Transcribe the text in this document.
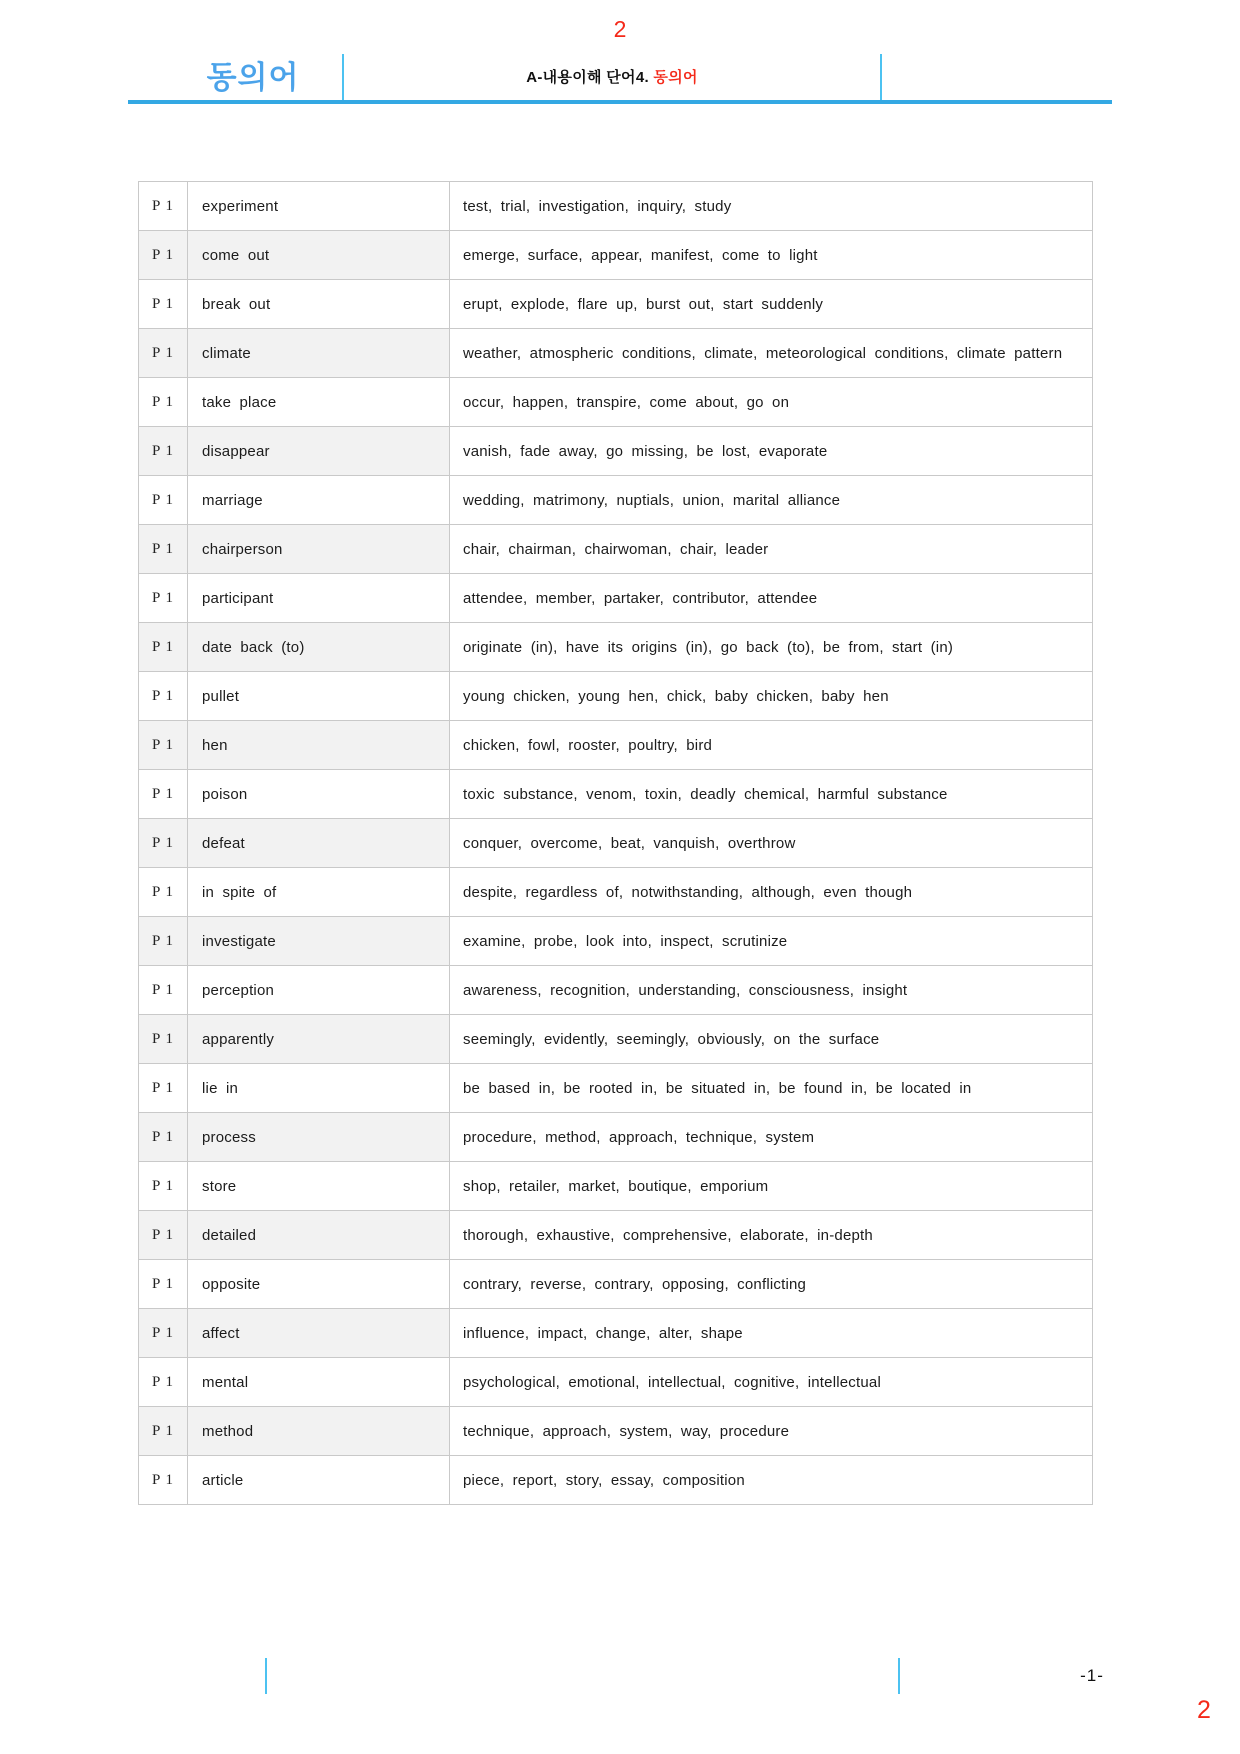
2
동의어	A-내용이해 단어4. 동의어
P 1	experiment	test, trial, investigation, inquiry, study
P 1	come out	emerge, surface, appear, manifest, come to light
P 1	break out	erupt, explode, flare up, burst out, start suddenly
P 1	climate	weather, atmospheric conditions, climate, meteorological conditions, climate pattern
P 1	take place	occur, happen, transpire, come about, go on
P 1	disappear	vanish, fade away, go missing, be lost, evaporate
P 1	marriage	wedding, matrimony, nuptials, union, marital alliance
P 1	chairperson	chair, chairman, chairwoman, chair, leader
P 1	participant	attendee, member, partaker, contributor, attendee
P 1	date back (to)	originate (in), have its origins (in), go back (to), be from, start (in)
P 1	pullet	young chicken, young hen, chick, baby chicken, baby hen
P 1	hen	chicken, fowl, rooster, poultry, bird
P 1	poison	toxic substance, venom, toxin, deadly chemical, harmful substance
P 1	defeat	conquer, overcome, beat, vanquish, overthrow
P 1	in spite of	despite, regardless of, notwithstanding, although, even though
P 1	investigate	examine, probe, look into, inspect, scrutinize
P 1	perception	awareness, recognition, understanding, consciousness, insight
P 1	apparently	seemingly, evidently, seemingly, obviously, on the surface
P 1	lie in	be based in, be rooted in, be situated in, be found in, be located in
P 1	process	procedure, method, approach, technique, system
P 1	store	shop, retailer, market, boutique, emporium
P 1	detailed	thorough, exhaustive, comprehensive, elaborate, in-depth
P 1	opposite	contrary, reverse, contrary, opposing, conflicting
P 1	affect	influence, impact, change, alter, shape
P 1	mental	psychological, emotional, intellectual, cognitive, intellectual
P 1	method	technique, approach, system, way, procedure
P 1	article	piece, report, story, essay, composition
-1-
2
